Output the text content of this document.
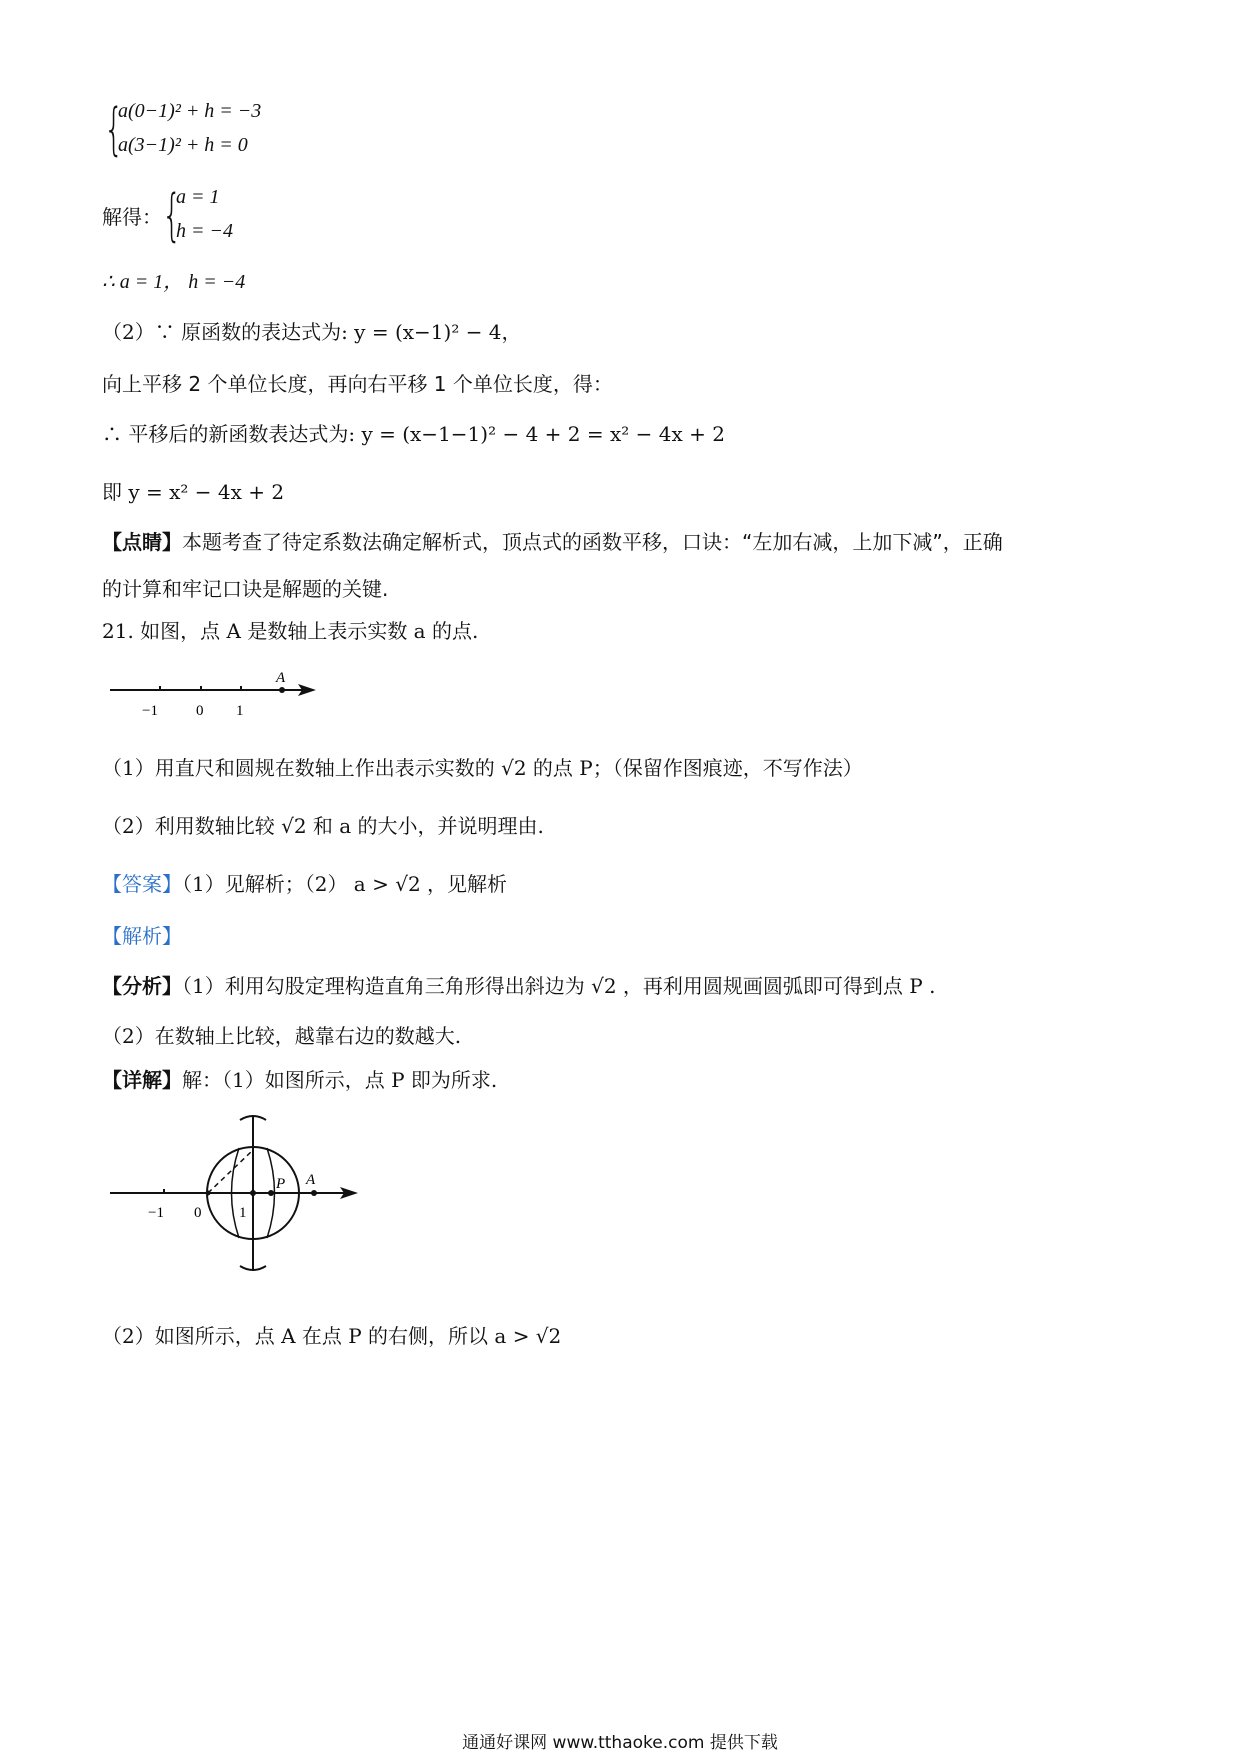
{
a(0−1)² + h = −3
a(3−1)² + h = 0
解得： {
a = 1
h = −4
∴ a = 1， h = −4
（2）∵ 原函数的表达式为: y = (x−1)² − 4，
向上平移 2 个单位长度，再向右平移 1 个单位长度，得：
∴ 平移后的新函数表达式为: y = (x−1−1)² − 4 + 2 = x² − 4x + 2
即 y = x² − 4x + 2
【点睛】本题考查了待定系数法确定解析式，顶点式的函数平移，口诀：“左加右减，上加下减”，正确
的计算和牢记口诀是解题的关键.
21. 如图，点 A 是数轴上表示实数 a 的点.
A
−1	0 1
（1）用直尺和圆规在数轴上作出表示实数的 √2 的点 P；（保留作图痕迹，不写作法）
（2）利用数轴比较 √2 和 a 的大小，并说明理由.
【答案】（1）见解析；（2） a > √2 ，见解析
【解析】
【分析】（1）利用勾股定理构造直角三角形得出斜边为 √2 ，再利用圆规画圆弧即可得到点 P .
（2）在数轴上比较，越靠右边的数越大.
【详解】解：（1）如图所示，点 P 即为所求.
P A
−1 0	1
（2）如图所示，点 A 在点 P 的右侧，所以 a > √2
通通好课网 www.tthaoke.com 提供下载
